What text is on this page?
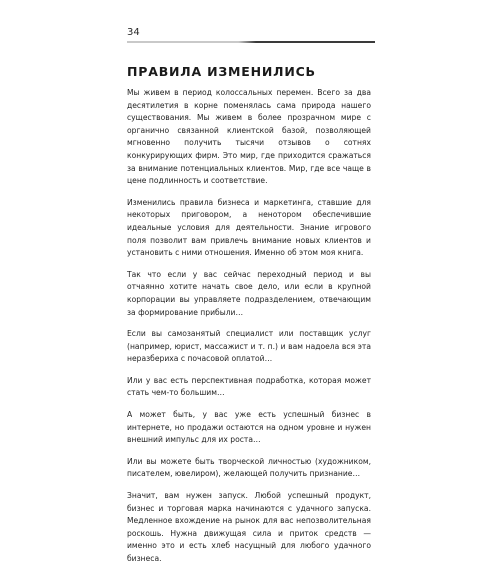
34
ПРАВИЛА ИЗМЕНИЛИСЬ

Мы живем в период колоссальных перемен. Всего за два десятилетия в корне поменялась сама природа нашего существования. Мы живем в более прозрачном мире с органично связанной клиентской базой, позволяющей мгновенно получить тысячи отзывов о сотнях конкурирующих фирм. Это мир, где приходится сражаться за внимание потенциальных клиентов. Мир, где все чаще в цене подлинность и соответствие.

Изменились правила бизнеса и маркетинга, ставшие для некоторых приговором, а ненотором обеспечившие идеальные условия для деятельности. Знание игрового поля позволит вам привлечь внимание новых клиентов и установить с ними отношения. Именно об этом моя книга.

Так что если у вас сейчас переходный период и вы отчаянно хотите начать свое дело, или если в крупной корпорации вы управляете подразделением, отвечающим за формирование прибыли…

Если вы самозанятый специалист или поставщик услуг (например, юрист, массажист и т. п.) и вам надоела вся эта неразбериха с почасовой оплатой…

Или у вас есть перспективная подработка, которая может стать чем-то большим…

А может быть, у вас уже есть успешный бизнес в интернете, но продажи остаются на одном уровне и нужен внешний импульс для их роста…

Или вы можете быть творческой личностью (художником, писателем, ювелиром), желающей получить признание…

Значит, вам нужен запуск. Любой успешный продукт, бизнес и торговая марка начинаются с удачного запуска. Медленное вхождение на рынок для вас непозволительная роскошь. Нужна движущая сила и приток средств — именно это и есть хлеб насущный для любого удачного бизнеса.
